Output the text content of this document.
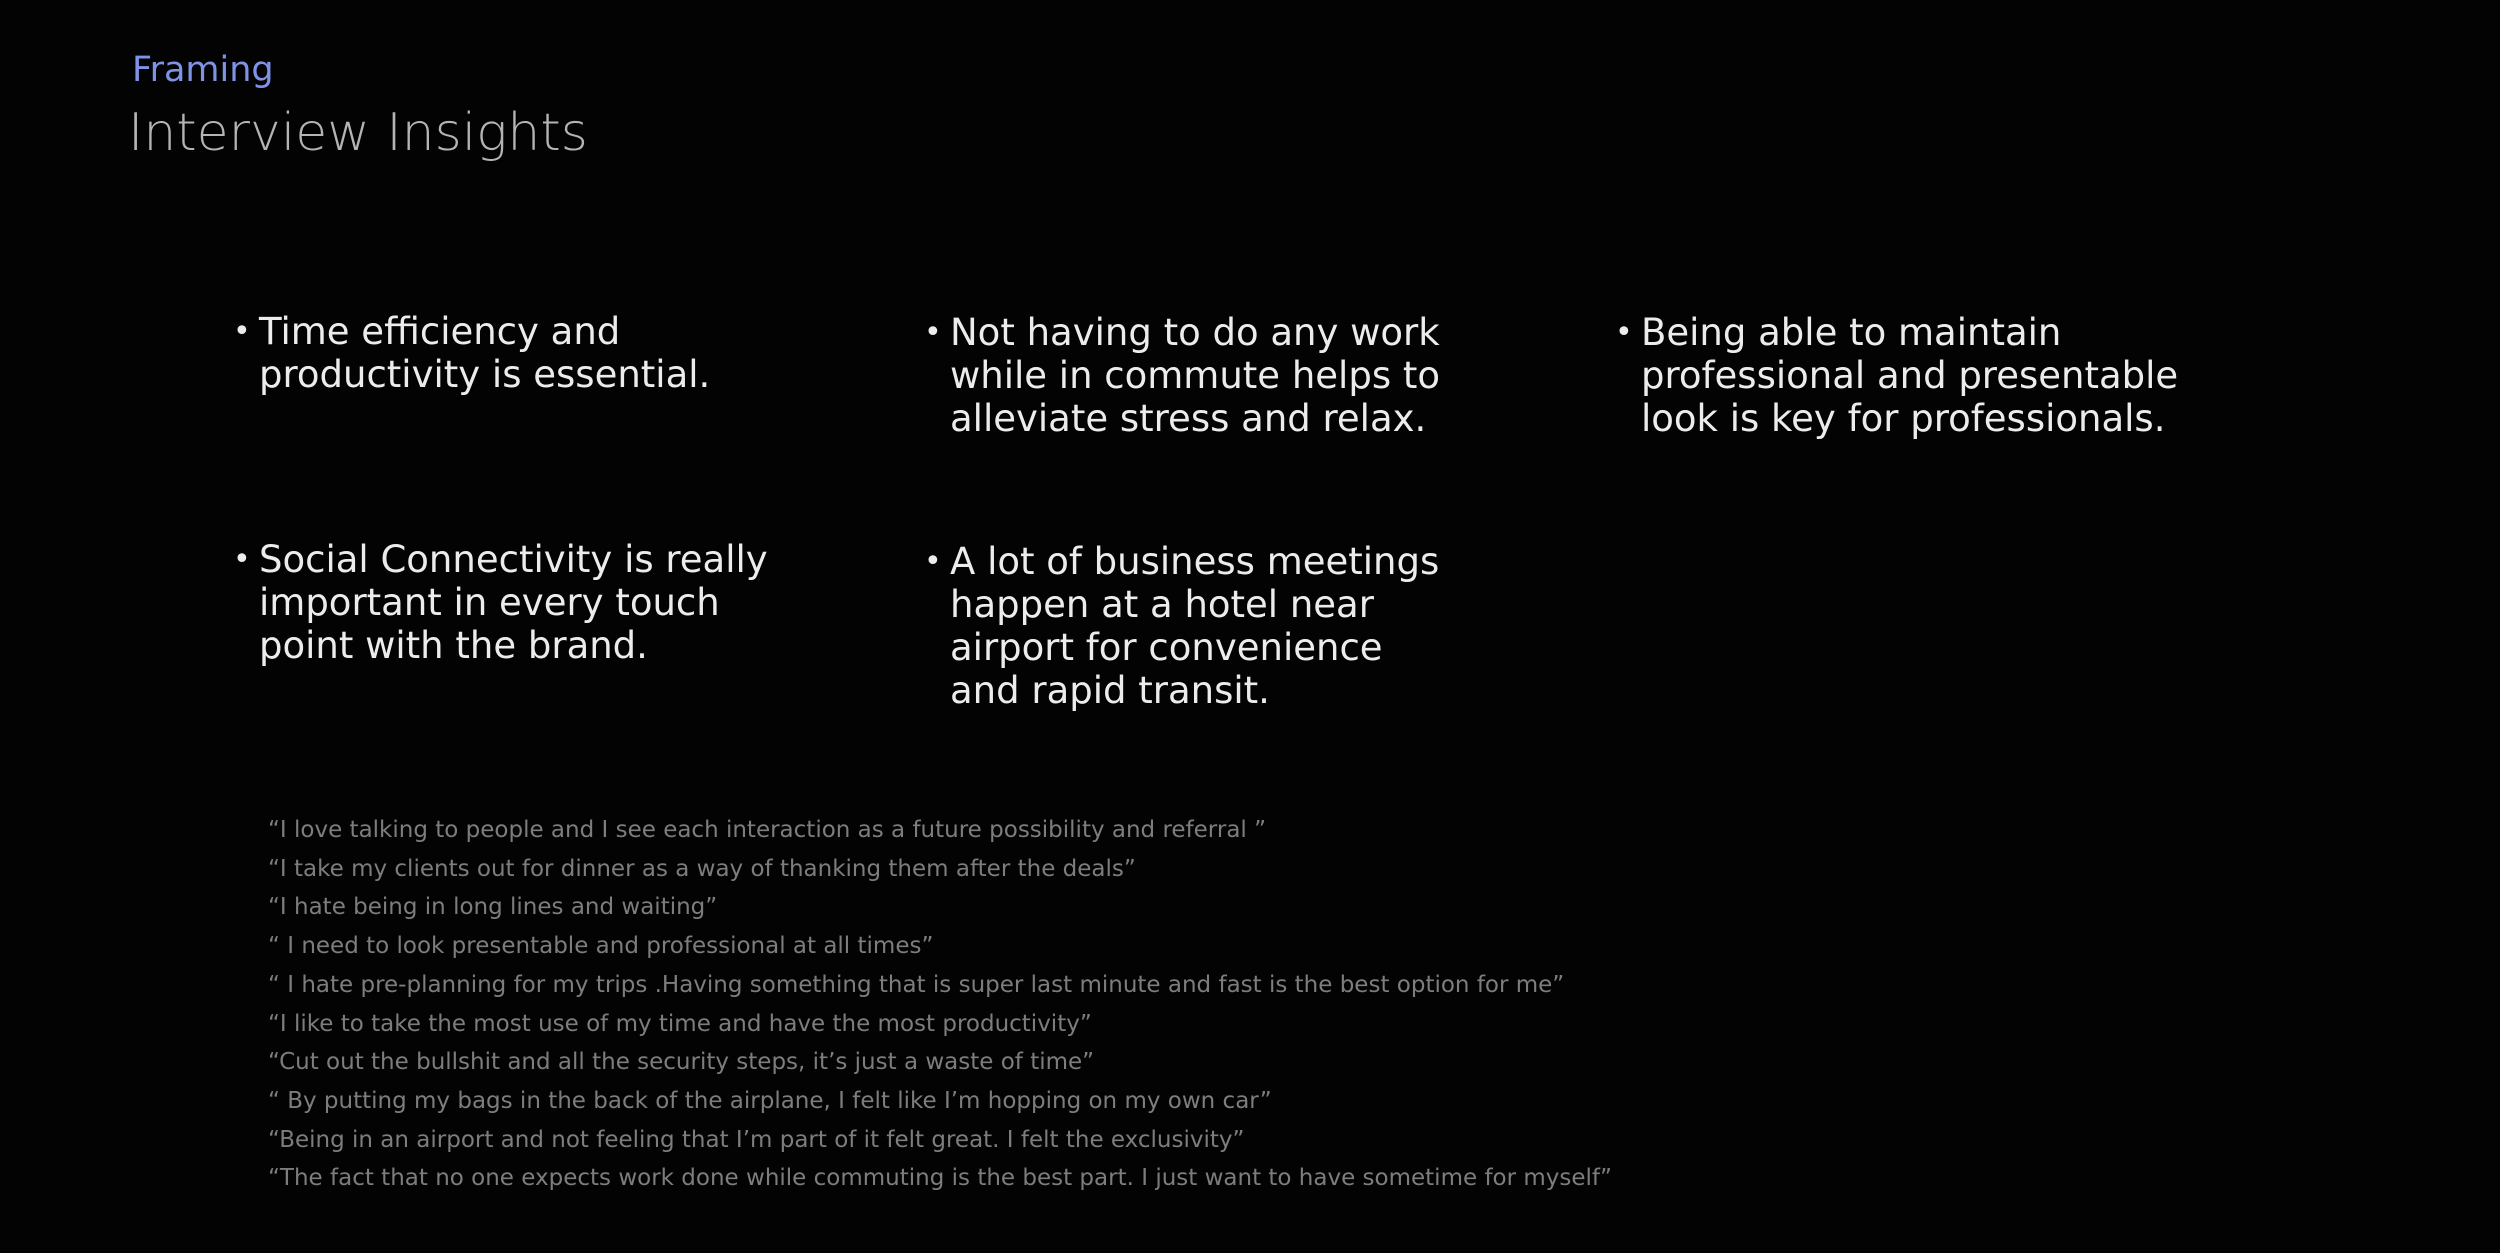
Framing
Interview Insights
• Time efficiency and
productivity is essential.
• Not having to do any work
while in commute helps to
alleviate stress and relax.
• Being able to maintain
professional and presentable
look is key for professionals.
• Social Connectivity is really
important in every touch
point with the brand.
• A lot of business meetings
happen at a hotel near
airport for convenience
and rapid transit.
“I love talking to people and I see each interaction as a future possibility and referral ”
“I take my clients out for dinner as a way of thanking them after the deals”
“I hate being in long lines and waiting”
“ I need to look presentable and professional at all times”
“ I hate pre-planning for my trips .Having something that is super last minute and fast is the best option for me”
“I like to take the most use of my time and have the most productivity”
“Cut out the bullshit and all the security steps, it’s just a waste of time”
“ By putting my bags in the back of the airplane, I felt like I’m hopping on my own car”
“Being in an airport and not feeling that I’m part of it felt great. I felt the exclusivity”
“The fact that no one expects work done while commuting is the best part. I just want to have sometime for myself”
